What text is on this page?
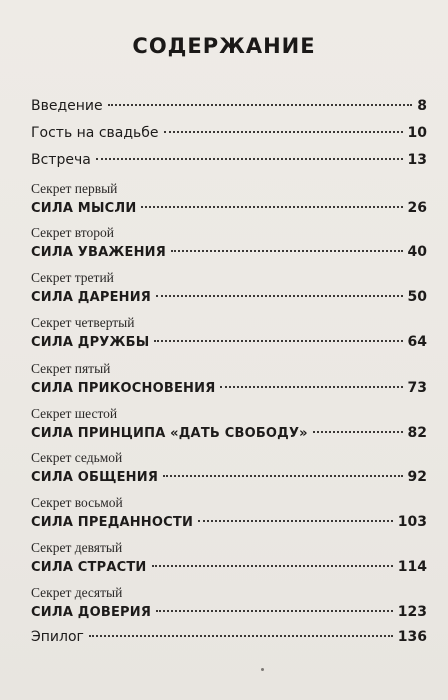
СОДЕРЖАНИЕ
Введение	8
Гость на свадьбе	10
Встреча	13
Секрет первый
СИЛА МЫСЛИ	26
Секрет второй
СИЛА УВАЖЕНИЯ	40
Секрет третий
СИЛА ДАРЕНИЯ	50
Секрет четвертый
СИЛА ДРУЖБЫ	64
Секрет пятый
СИЛА ПРИКОСНОВЕНИЯ	73
Секрет шестой
СИЛА ПРИНЦИПА «ДАТЬ СВОБОДУ»	82
Секрет седьмой
СИЛА ОБЩЕНИЯ	92
Секрет восьмой
СИЛА ПРЕДАННОСТИ	103
Секрет девятый
СИЛА СТРАСТИ	114
Секрет десятый
СИЛА ДОВЕРИЯ	123
Эпилог	136
